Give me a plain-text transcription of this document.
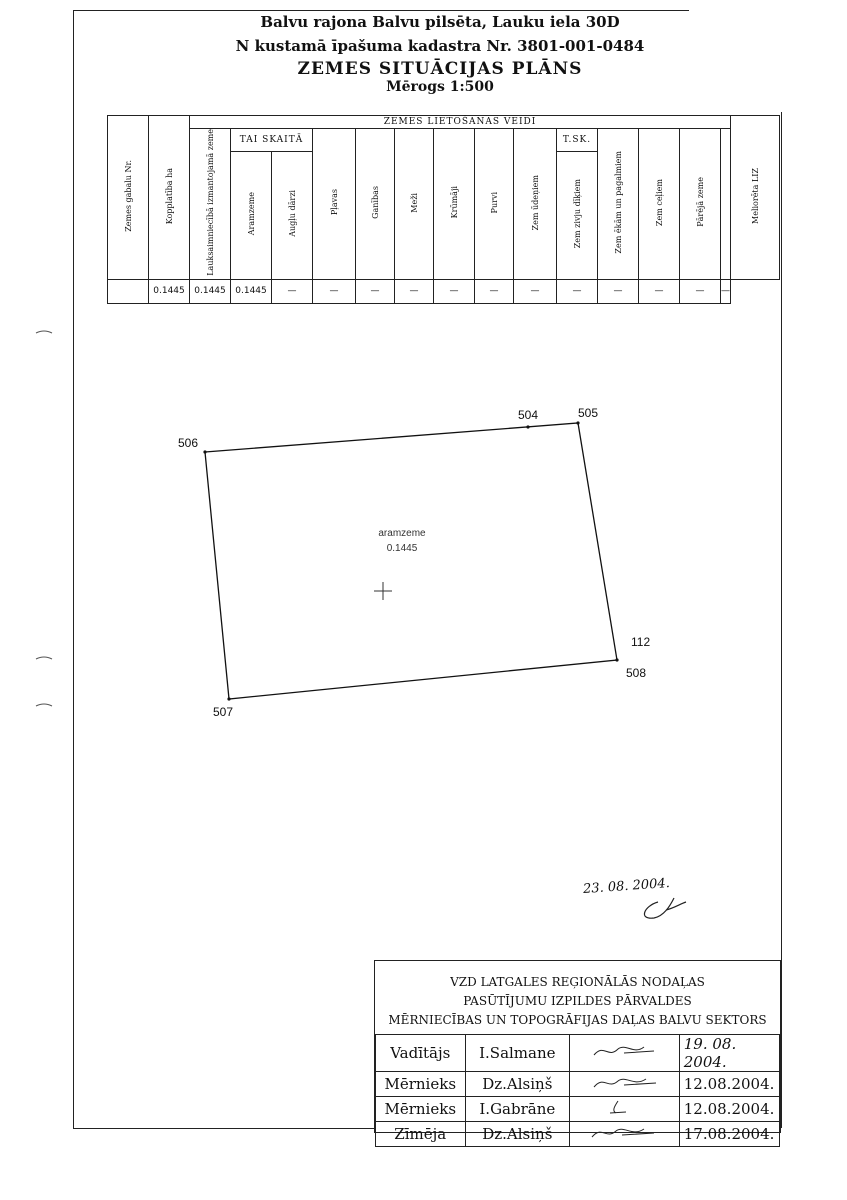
Balvu rajona Balvu pilsēta, Lauku iela 30D
N kustamā īpašuma kadastra Nr. 3801-001-0484
ZEMES SITUĀCIJAS PLĀNS
Mērogs 1:500
Zemes gabalu Nr.	Kopplatība ha	ZEMES LIETOŠANAS VEIDI														Meliorēta LIZ
		Lauksaimniecībā izmantojamā zeme	TAI SKAITĀ		Pļavas	Ganības	Meži	Krūmāji	Purvi	Zem ūdeņiem	T.SK.	Zem ēkām un pagalmiem	Zem ceļiem	Pārējā zeme		
			Aramzeme	Augļu dārzi							Zem zivju dīķiem					
	0.1445	0.1445	0.1445	—	—	—	—	—	—	—	—	—	—	—	—	
504	505
506
507
508
112
aramzeme
0.1445
23. 08. 2004.
VZD LATGALES REĢIONĀLĀS NODAĻAS
PASŪTĪJUMU IZPILDES PĀRVALDES
MĒRNIECĪBAS UN TOPOGRĀFIJAS DAĻAS BALVU SEKTORS
Vadītājs	I.Salmane		19. 08. 2004.
Mērnieks	Dz.Alsiņš		12.08.2004.
Mērnieks	I.Gabrāne		12.08.2004.
Zīmēja	Dz.Alsiņš		17.08.2004.
